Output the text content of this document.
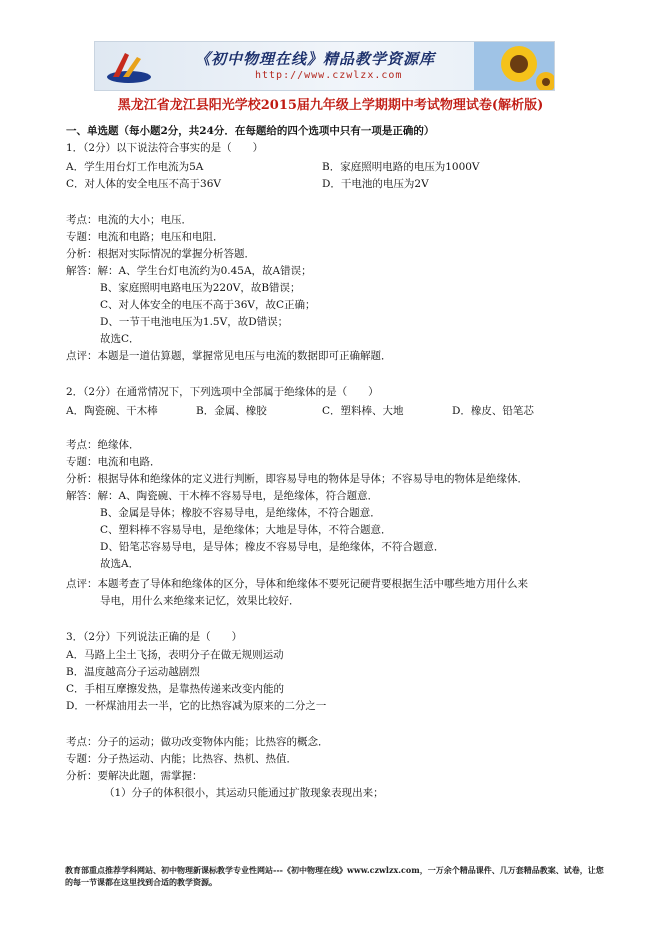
《初中物理在线》精品教学资源库
http://www.czwlzx.com
黑龙江省龙江县阳光学校2015届九年级上学期期中考试物理试卷(解析版)
一、单选题（每小题2分，共24分．在每题给的四个选项中只有一项是正确的）
1．（2分）以下说法符合事实的是（　　）
A．学生用台灯工作电流为5A	B．家庭照明电路的电压为1000V
C．对人体的安全电压不高于36V	D．干电池的电压为2V
考点：电流的大小；电压．
专题：电流和电路；电压和电阻．
分析：根据对实际情况的掌握分析答题．
解答：解：A、学生台灯电流约为0.45A，故A错误；
B、家庭照明电路电压为220V，故B错误；
C、对人体安全的电压不高于36V，故C正确；
D、一节干电池电压为1.5V，故D错误；
故选C．
点评：本题是一道估算题，掌握常见电压与电流的数据即可正确解题．
2．（2分）在通常情况下，下列选项中全部属于绝缘体的是（　　）
A．陶瓷碗、干木棒	B．金属、橡胶	C．塑料棒、大地	D．橡皮、铅笔芯
考点：绝缘体．
专题：电流和电路．
分析：根据导体和绝缘体的定义进行判断，即容易导电的物体是导体；不容易导电的物体是绝缘体．
解答：解：A、陶瓷碗、干木棒不容易导电，是绝缘体，符合题意．
B、金属是导体；橡胶不容易导电，是绝缘体，不符合题意．
C、塑料棒不容易导电，是绝缘体；大地是导体，不符合题意．
D、铅笔芯容易导电，是导体；橡皮不容易导电，是绝缘体，不符合题意．
故选A．
点评：本题考查了导体和绝缘体的区分，导体和绝缘体不要死记硬背要根据生活中哪些地方用什么来
导电，用什么来绝缘来记忆，效果比较好．
3．（2分）下列说法正确的是（　　）
A．马路上尘土飞扬，表明分子在做无规则运动
B．温度越高分子运动越剧烈
C．手相互摩擦发热，是靠热传递来改变内能的
D．一杯煤油用去一半，它的比热容减为原来的二分之一
考点：分子的运动；做功改变物体内能；比热容的概念．
专题：分子热运动、内能；比热容、热机、热值．
分析：要解决此题，需掌握：
（1）分子的体积很小，其运动只能通过扩散现象表现出来；
教育部重点推荐学科网站、初中物理新课标教学专业性网站---《初中物理在线》www.czwlzx.com，一万余个精品课件、几万套精品教案、试卷，让您的每一节课都在这里找到合适的教学资源。
